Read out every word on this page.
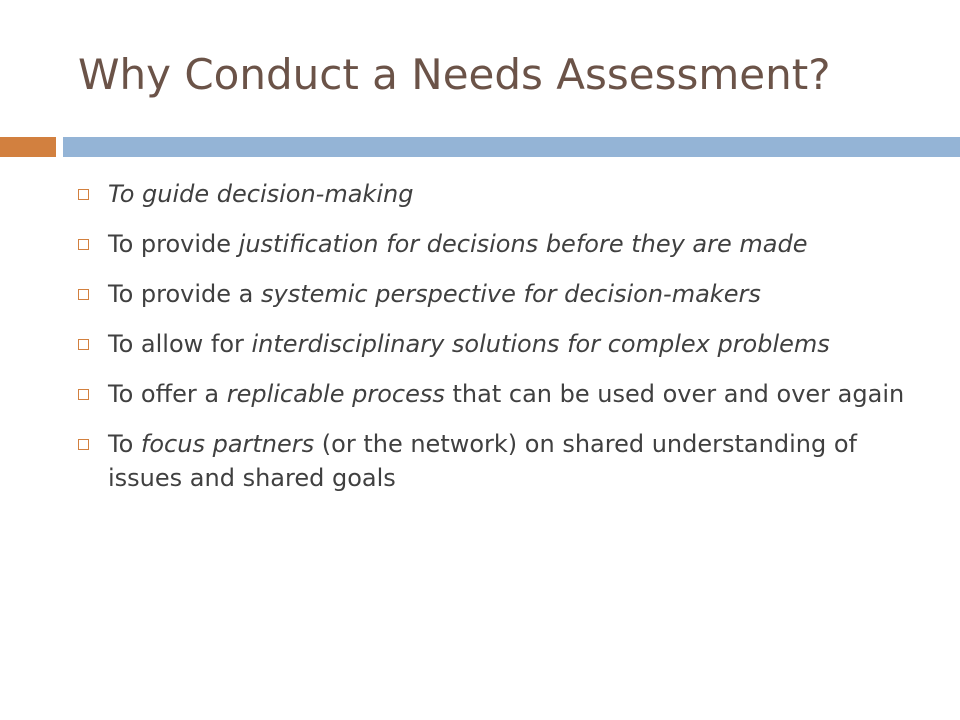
Why Conduct a Needs Assessment?
To guide decision-making
To provide justification for decisions before they are made
To provide a systemic perspective for decision-makers
To allow for interdisciplinary solutions for complex problems
To offer a replicable process that can be used over and over again
To focus partners (or the network) on shared understanding of issues and shared goals
